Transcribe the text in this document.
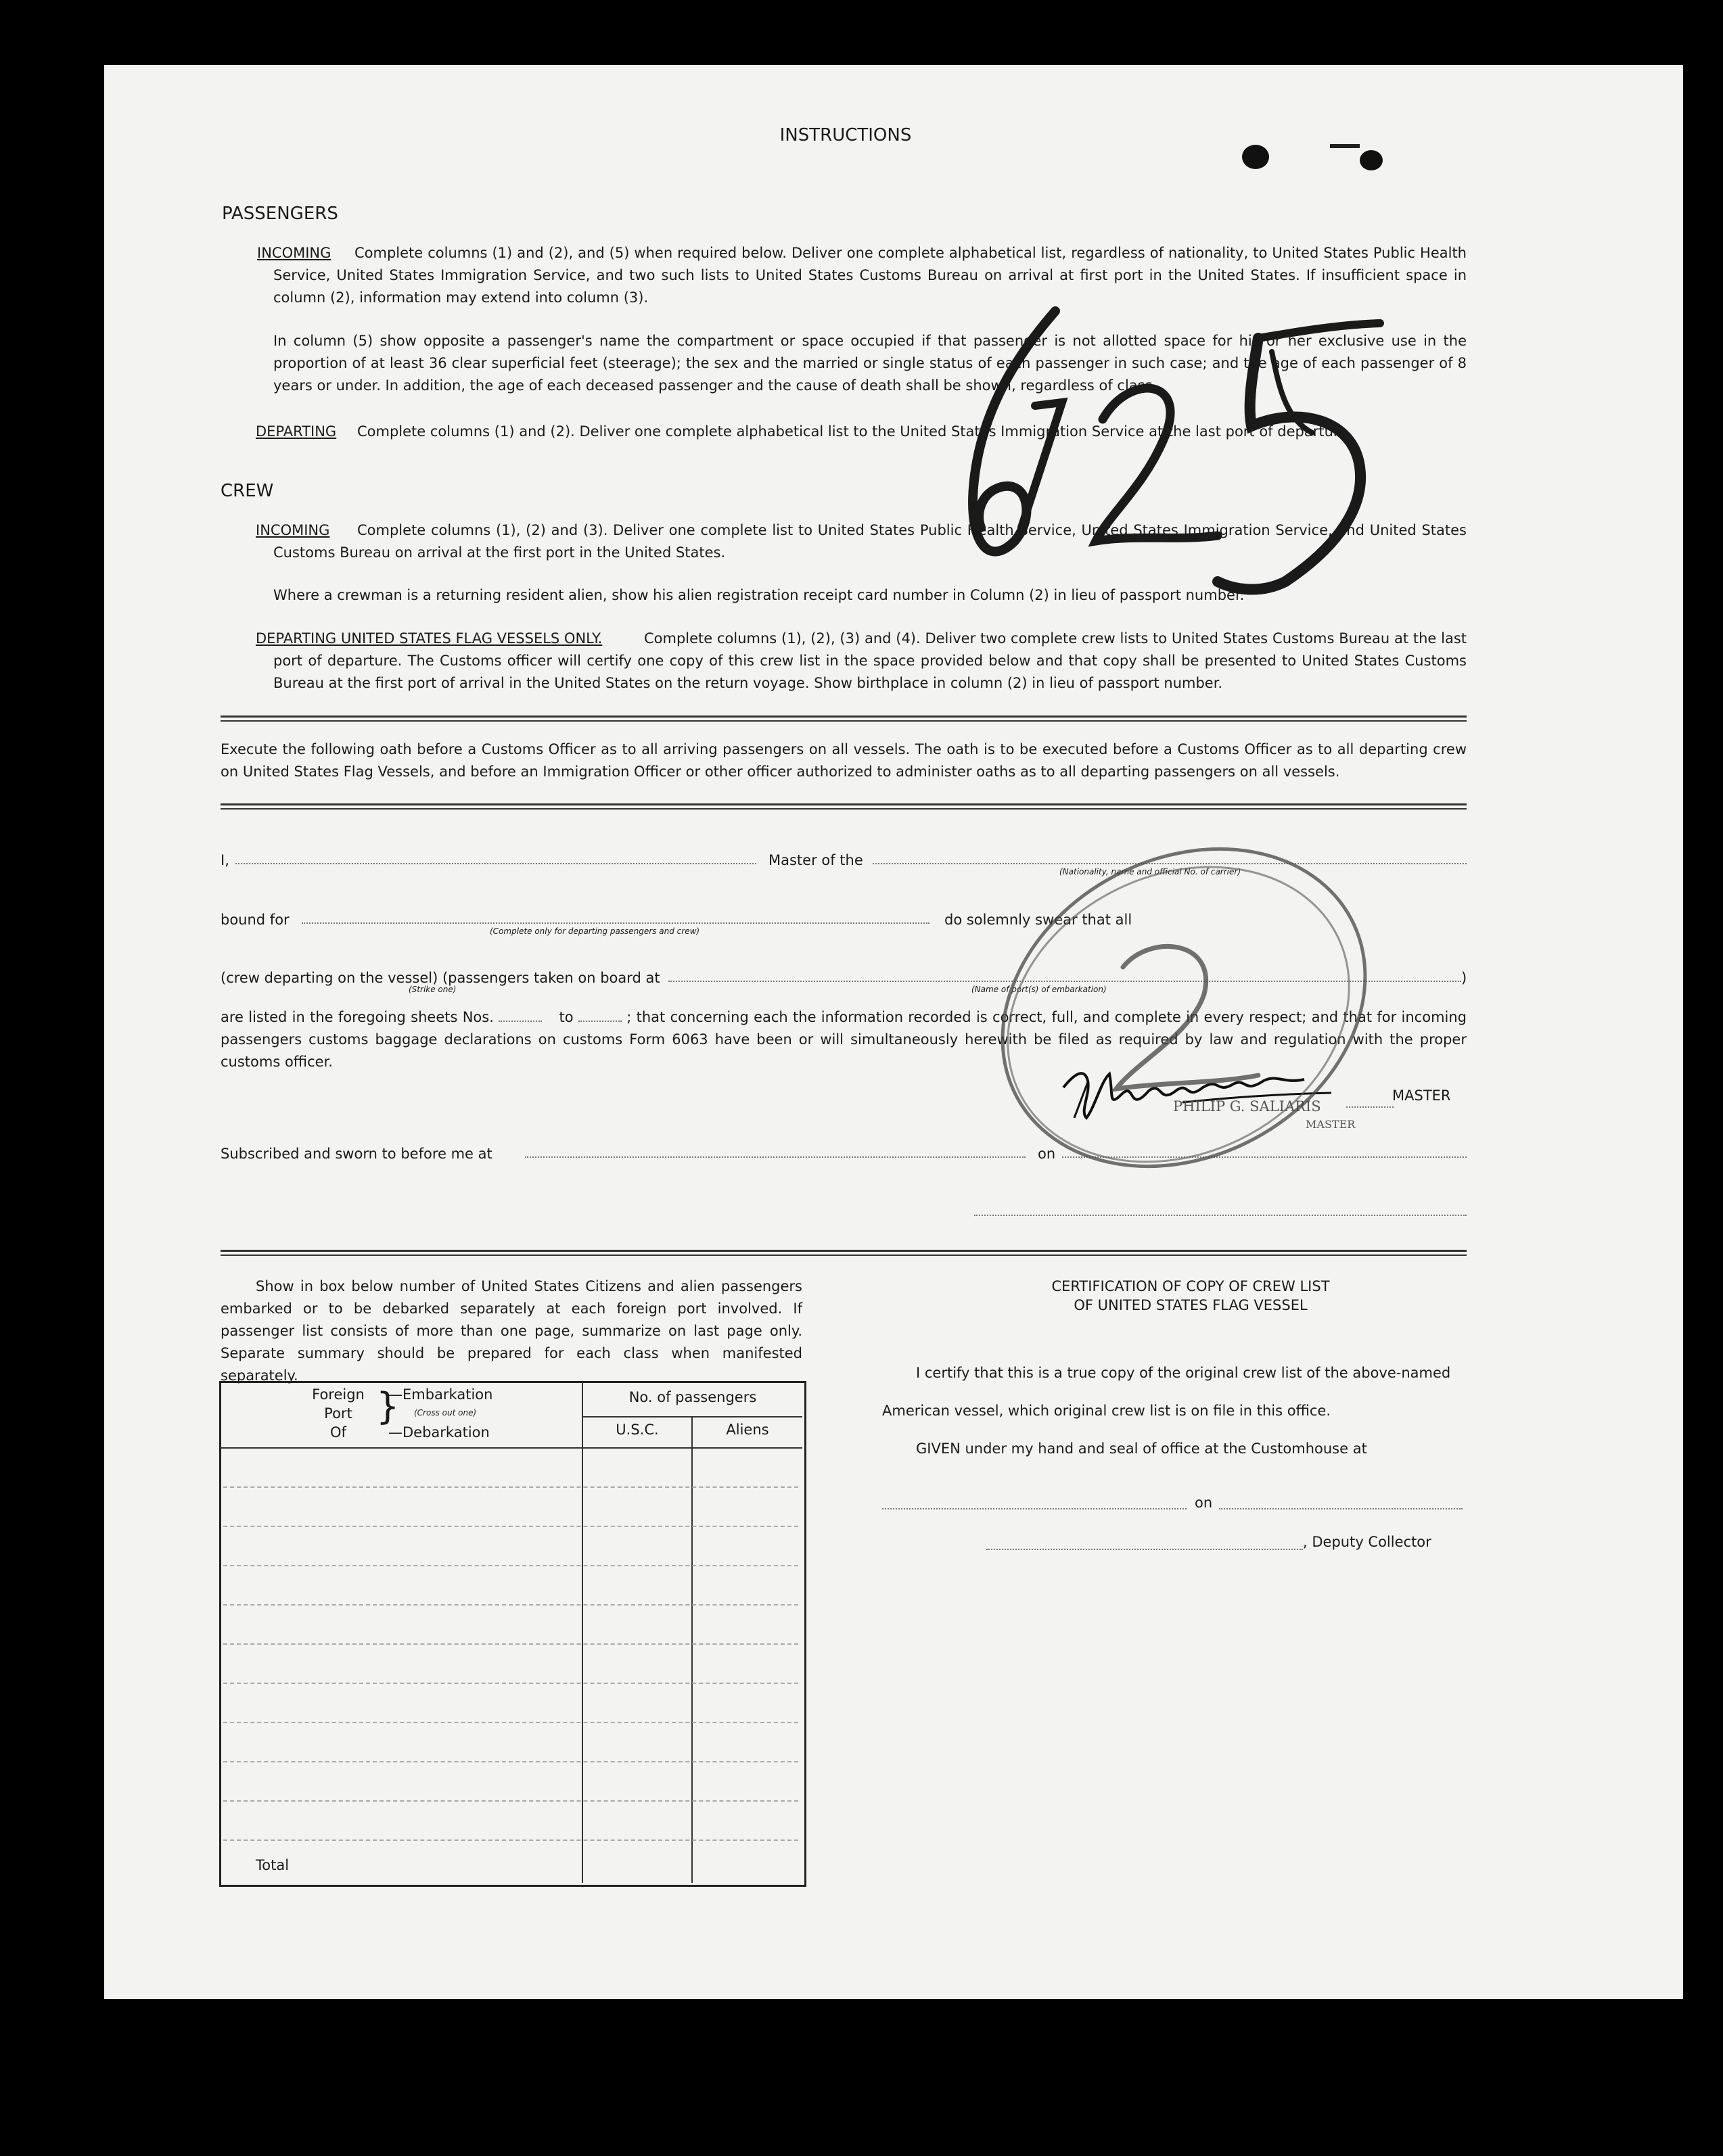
INSTRUCTIONS
PASSENGERS
INCOMING	Complete columns (1) and (2), and (5) when required below. Deliver one complete alphabetical list, regardless of nationality, to United States Public Health Service, United States Immigration Service, and two such lists to United States Customs Bureau on arrival at first port in the United States. If insufficient space in column (2), information may extend into column (3).
In column (5) show opposite a passenger's name the compartment or space occupied if that passenger is not allotted space for his or her exclusive use in the proportion of at least 36 clear superficial feet (steerage); the sex and the married or single status of each passenger in such case; and the age of each passenger of 8 years or under. In addition, the age of each deceased passenger and the cause of death shall be shown, regardless of class.
DEPARTING Complete columns (1) and (2). Deliver one complete alphabetical list to the United States Immigration Service at the last port of departure.
CREW
INCOMING	Complete columns (1), (2) and (3). Deliver one complete list to United States Public Health Service, United States Immigration Service, and United States Customs Bureau on arrival at the first port in the United States.
Where a crewman is a returning resident alien, show his alien registration receipt card number in Column (2) in lieu of passport number.
DEPARTING UNITED STATES FLAG VESSELS ONLY.	Complete columns (1), (2), (3) and (4). Deliver two complete crew lists to United States Customs Bureau at the last port of departure. The Customs officer will certify one copy of this crew list in the space provided below and that copy shall be presented to United States Customs Bureau at the first port of arrival in the United States on the return voyage. Show birthplace in column (2) in lieu of passport number.
Execute the following oath before a Customs Officer as to all arriving passengers on all vessels. The oath is to be executed before a Customs Officer as to all departing crew on United States Flag Vessels, and before an Immigration Officer or other officer authorized to administer oaths as to all departing passengers on all vessels.
I,	Master of the
(Nationality, name and official No. of carrier)
bound for
(Complete only for departing passengers and crew)
do solemnly swear that all
(crew departing on the vessel) (passengers taken on board at
(Strike one)	(Name of port(s) of embarkation)
)
are listed in the foregoing sheets Nos.	to	; that concerning each the information recorded is correct, full, and complete in every respect; and that for incoming passengers customs baggage declarations on customs Form 6063 have been or will simultaneously herewith be filed as required by law and regulation with the proper customs officer.
PHILIP G. SALIARIS
MASTER
MASTER
Subscribed and sworn to before me at	on
Show in box below number of United States Citizens and alien passengers embarked or to be debarked separately at each foreign port involved. If passenger list consists of more than one page, summarize on last page only. Separate summary should be prepared for each class when manifested separately.
Foreign
Port
Of
}
—Embarkation
(Cross out one)
—Debarkation
No. of passengers
U.S.C.	Aliens
Total
CERTIFICATION OF COPY OF CREW LIST
OF UNITED STATES FLAG VESSEL
I certify that this is a true copy of the original crew list of the above-named
American vessel, which original crew list is on file in this office.
GIVEN under my hand and seal of office at the Customhouse at
on
, Deputy Collector
